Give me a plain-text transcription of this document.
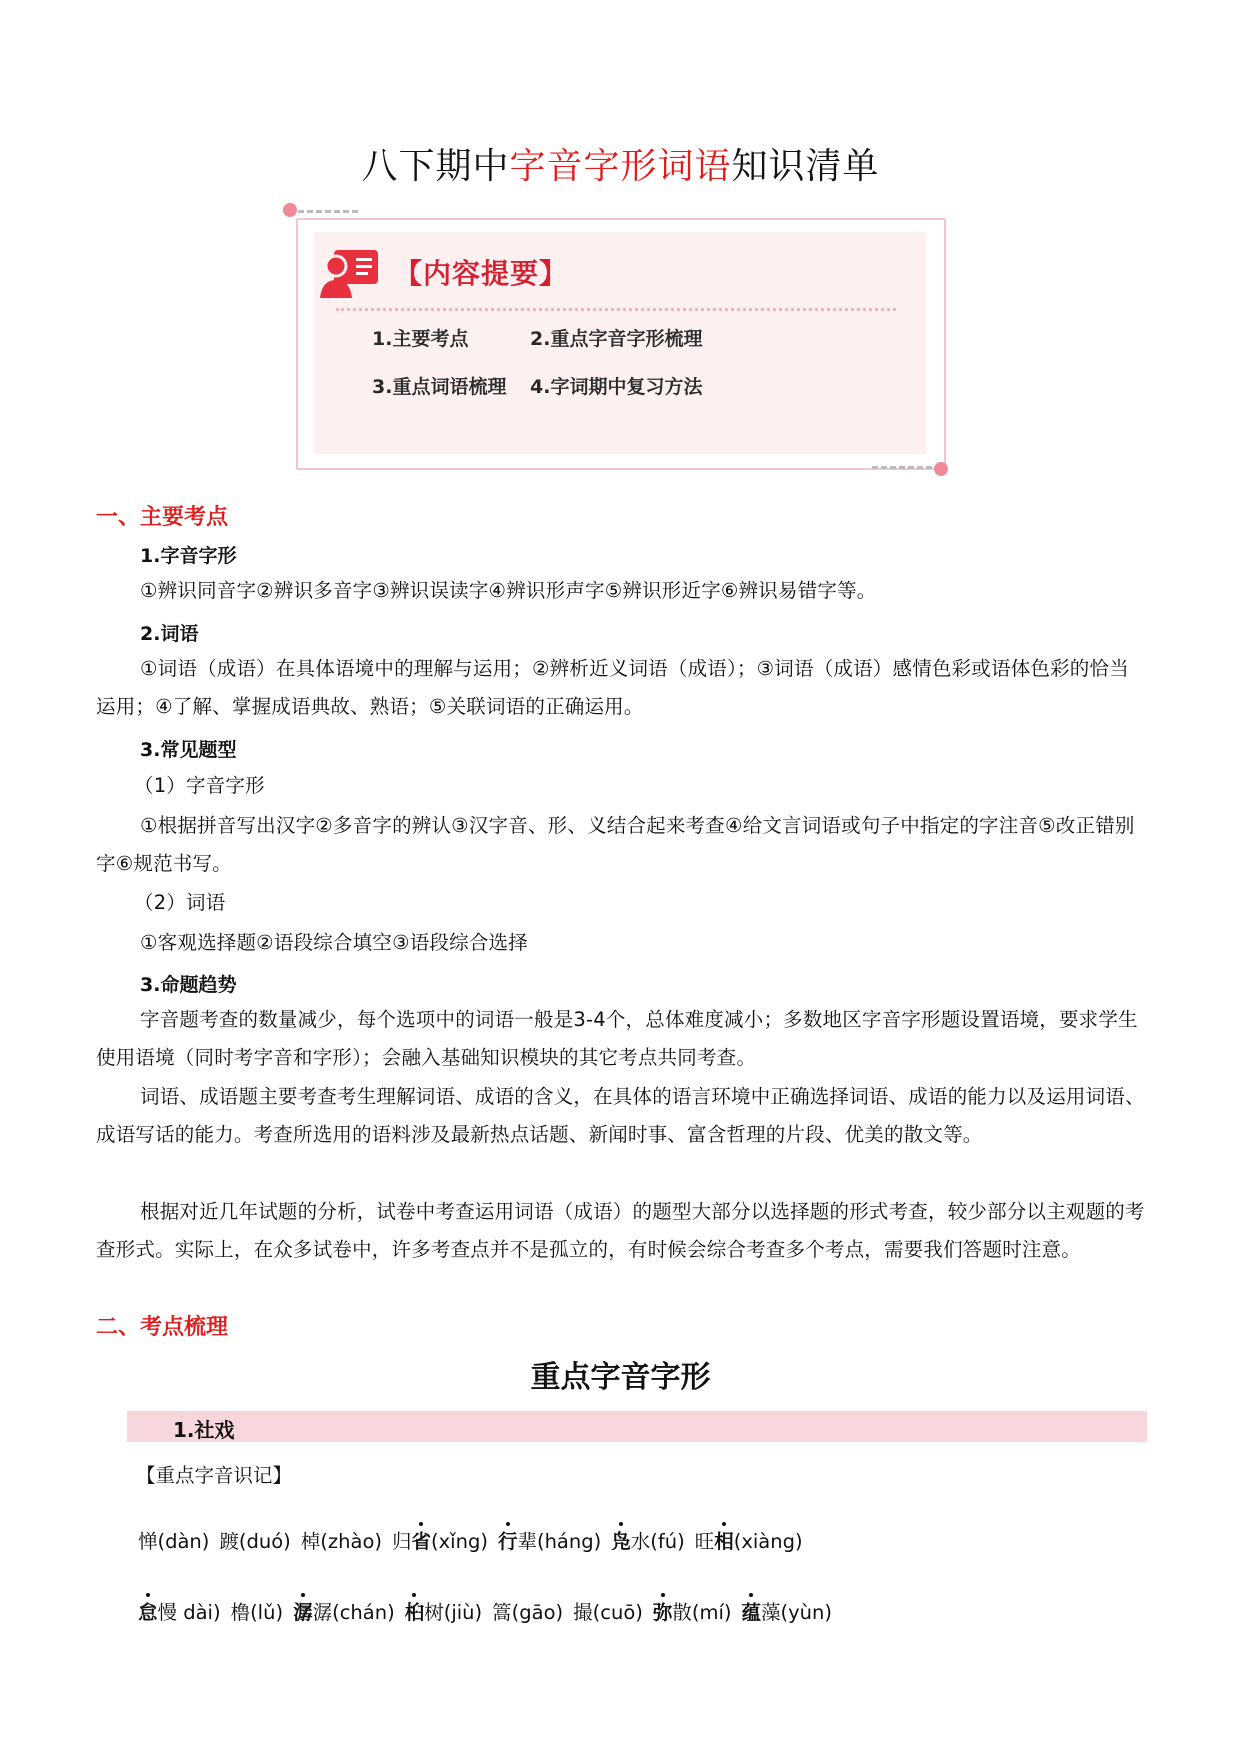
八下期中字音字形词语知识清单
【内容提要】
1.主要考点	2.重点字音字形梳理
3.重点词语梳理 4.字词期中复习方法
一、主要考点
1.字音字形
①辨识同音字②辨识多音字③辨识误读字④辨识形声字⑤辨识形近字⑥辨识易错字等。
2.词语
①词语（成语）在具体语境中的理解与运用；②辨析近义词语（成语）；③词语（成语）感情色彩或语体色彩的恰当运用；④了解、掌握成语典故、熟语；⑤关联词语的正确运用。
3.常见题型
（1）字音字形
①根据拼音写出汉字②多音字的辨认③汉字音、形、义结合起来考查④给文言词语或句子中指定的字注音⑤改正错别字⑥规范书写。
（2）词语
①客观选择题②语段综合填空③语段综合选择
3.命题趋势
字音题考查的数量减少，每个选项中的词语一般是3-4个，总体难度减小；多数地区字音字形题设置语境，要求学生使用语境（同时考字音和字形）；会融入基础知识模块的其它考点共同考查。
词语、成语题主要考查考生理解词语、成语的含义，在具体的语言环境中正确选择词语、成语的能力以及运用词语、成语写话的能力。考查所选用的语料涉及最新热点话题、新闻时事、富含哲理的片段、优美的散文等。
根据对近几年试题的分析，试卷中考查运用词语（成语）的题型大部分以选择题的形式考查，较少部分以主观题的考查形式。实际上，在众多试卷中，许多考查点并不是孤立的，有时候会综合考查多个考点，需要我们答题时注意。
二、考点梳理
重点字音字形
1.社戏
【重点字音识记】
惮(dàn) 踱(duó) 棹(zhào) 归省(xǐng) 行辈(háng) 凫水(fú) 旺相(xiàng)
怠慢 dài) 橹(lǔ) 潺潺(chán) 桕树(jiù) 篙(gāo) 撮(cuō) 弥散(mí) 蕴藻(yùn)
